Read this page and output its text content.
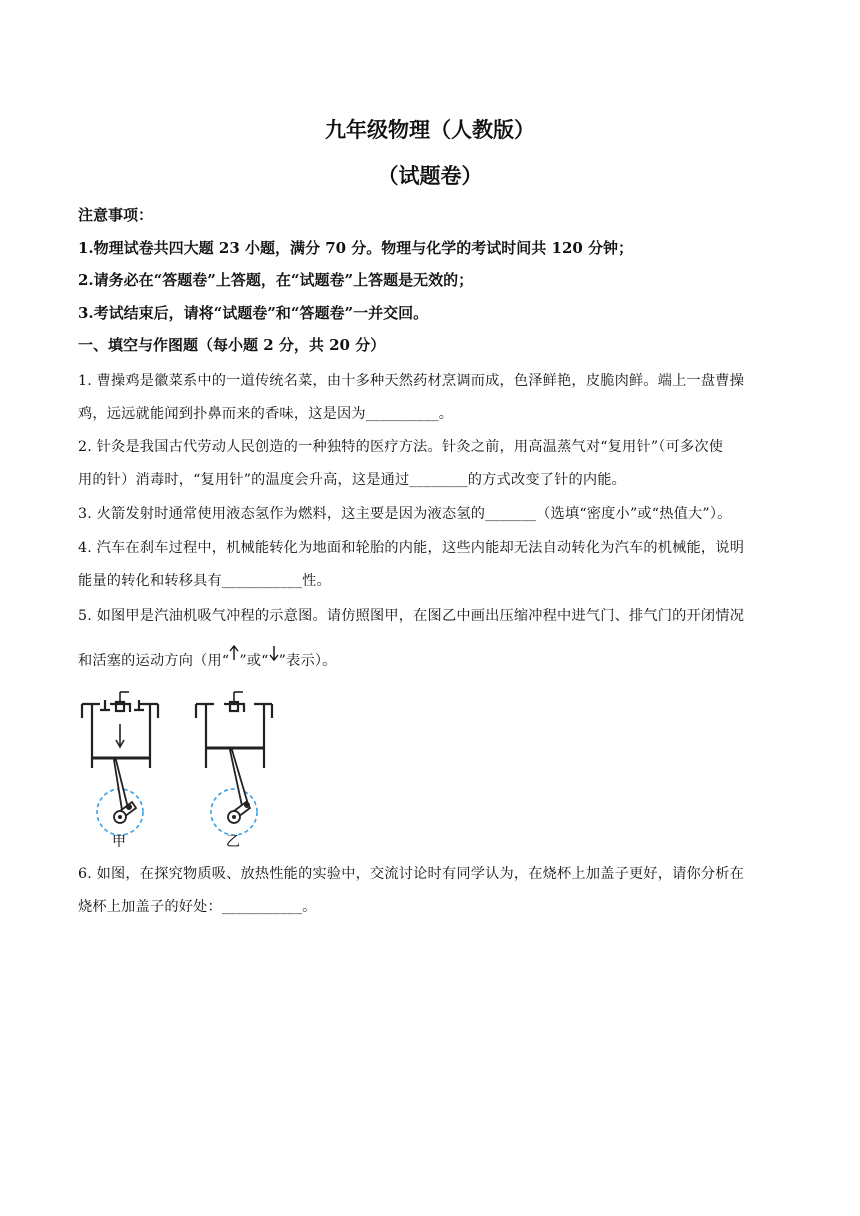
九年级物理（人教版）
（试题卷）
注意事项：
1.物理试卷共四大题 23 小题，满分 70 分。物理与化学的考试时间共 120 分钟；
2.请务必在“答题卷”上答题，在“试题卷”上答题是无效的；
3.考试结束后，请将“试题卷”和“答题卷”一并交回。
一、填空与作图题（每小题 2 分，共 20 分）
1. 曹操鸡是徽菜系中的一道传统名菜，由十多种天然药材烹调而成，色泽鲜艳，皮脆肉鲜。端上一盘曹操
鸡，远远就能闻到扑鼻而来的香味，这是因为__________。
2. 针灸是我国古代劳动人民创造的一种独特的医疗方法。针灸之前，用高温蒸气对“复用针”（可多次使
用的针）消毒时，“复用针”的温度会升高，这是通过________的方式改变了针的内能。
3. 火箭发射时通常使用液态氢作为燃料，这主要是因为液态氢的_______（选填“密度小”或“热值大”）。
4. 汽车在刹车过程中，机械能转化为地面和轮胎的内能，这些内能却无法自动转化为汽车的机械能，说明
能量的转化和转移具有___________性。
5. 如图甲是汽油机吸气冲程的示意图。请仿照图甲，在图乙中画出压缩冲程中进气门、排气门的开闭情况
和活塞的运动方向（用“ ”或“ ”表示）。
甲	乙
6. 如图，在探究物质吸、放热性能的实验中，交流讨论时有同学认为，在烧杯上加盖子更好，请你分析在
烧杯上加盖子的好处：___________。
